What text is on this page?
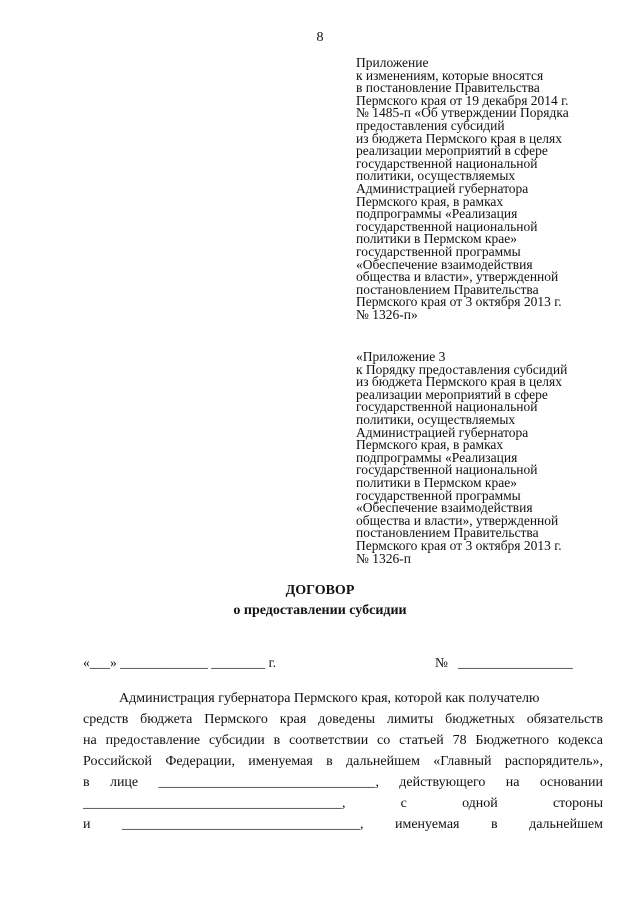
8
Приложение
к изменениям, которые вносятся
в постановление Правительства
Пермского края от 19 декабря 2014 г.
№ 1485-п «Об утверждении Порядка
предоставления субсидий
из бюджета Пермского края в целях
реализации мероприятий в сфере
государственной национальной
политики, осуществляемых
Администрацией губернатора
Пермского края, в рамках
подпрограммы «Реализация
государственной национальной
политики в Пермском крае»
государственной программы
«Обеспечение взаимодействия
общества и власти», утвержденной
постановлением Правительства
Пермского края от 3 октября 2013 г.
№ 1326-п»
«Приложение 3
к Порядку предоставления субсидий
из бюджета Пермского края в целях
реализации мероприятий в сфере
государственной национальной
политики, осуществляемых
Администрацией губернатора
Пермского края, в рамках
подпрограммы «Реализация
государственной национальной
политики в Пермском крае»
государственной программы
«Обеспечение взаимодействия
общества и власти», утвержденной
постановлением Правительства
Пермского края от 3 октября 2013 г.
№ 1326-п
ДОГОВОР
о предоставлении субсидии
«___» _____________ ________ г.	№ _________________
Администрация губернатора Пермского края, которой как получателю
средств бюджета Пермского края доведены лимиты бюджетных обязательств
на предоставление субсидии в соответствии со статьей 78 Бюджетного кодекса
Российской Федерации, именуемая в дальнейшем «Главный распорядитель»,
в лице _______________________________, действующего на основании
_____________________________________,	с	одной	стороны
и __________________________________, именуемая в дальнейшем
